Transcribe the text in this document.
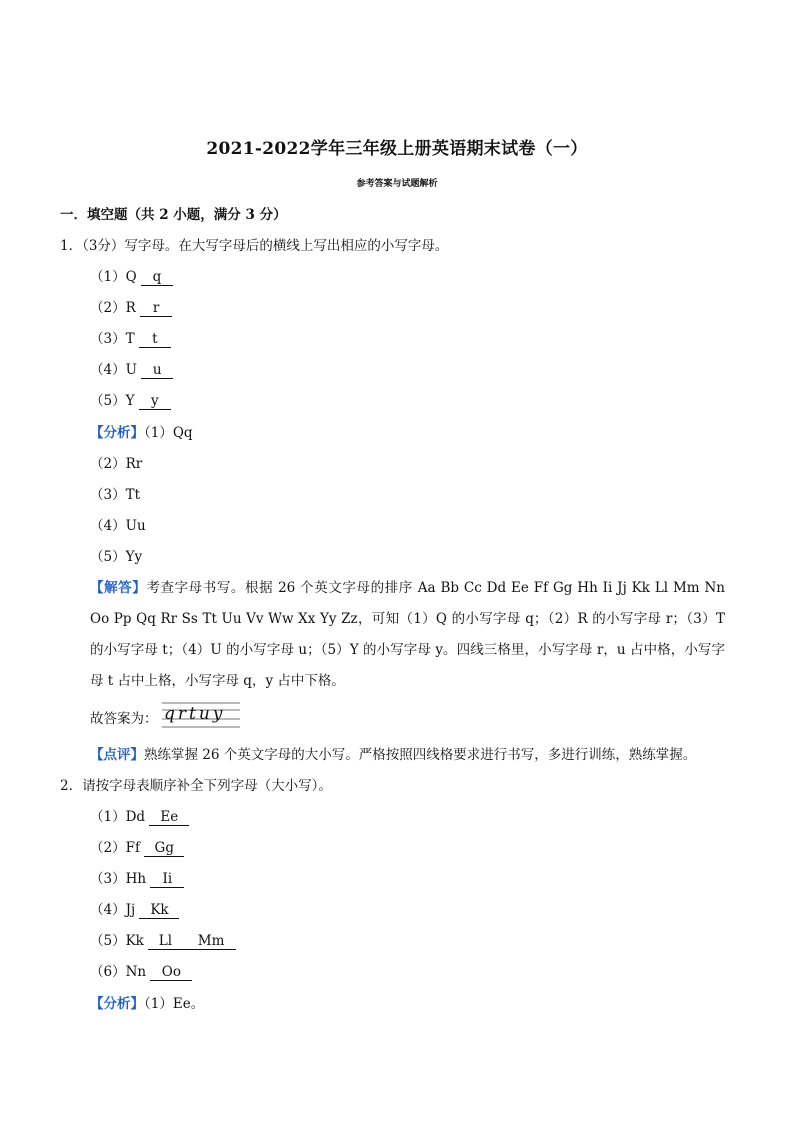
2021-2022学年三年级上册英语期末试卷（一）
参考答案与试题解析
一．填空题（共 2 小题，满分 3 分）
1．（3分）写字母。在大写字母后的横线上写出相应的小写字母。
（1）Q q
（2）R r
（3）T t
（4）U u
（5）Y y
【分析】（1）Qq
（2）Rr
（3）Tt
（4）Uu
（5）Yy
【解答】考查字母书写。根据 26 个英文字母的排序 Aa Bb Cc Dd Ee Ff Gg Hh Ii Jj Kk Ll Mm Nn Oo Pp Qq Rr Ss Tt Uu Vv Ww Xx Yy Zz，可知（1）Q 的小写字母 q；（2）R 的小写字母 r；（3）T 的小写字母 t；（4）U 的小写字母 u；（5）Y 的小写字母 y。四线三格里，小写字母 r，u 占中格，小写字母 t 占中上格，小写字母 q，y 占中下格。
故答案为： qrtuy
【点评】熟练掌握 26 个英文字母的大小写。严格按照四线格要求进行书写，多进行训练，熟练掌握。
2．请按字母表顺序补全下列字母（大小写）。
（1）Dd Ee
（2）Ff Gg
（3）Hh Ii
（4）Jj Kk
（5）Kk Ll Mm
（6）Nn Oo
【分析】（1）Ee。
